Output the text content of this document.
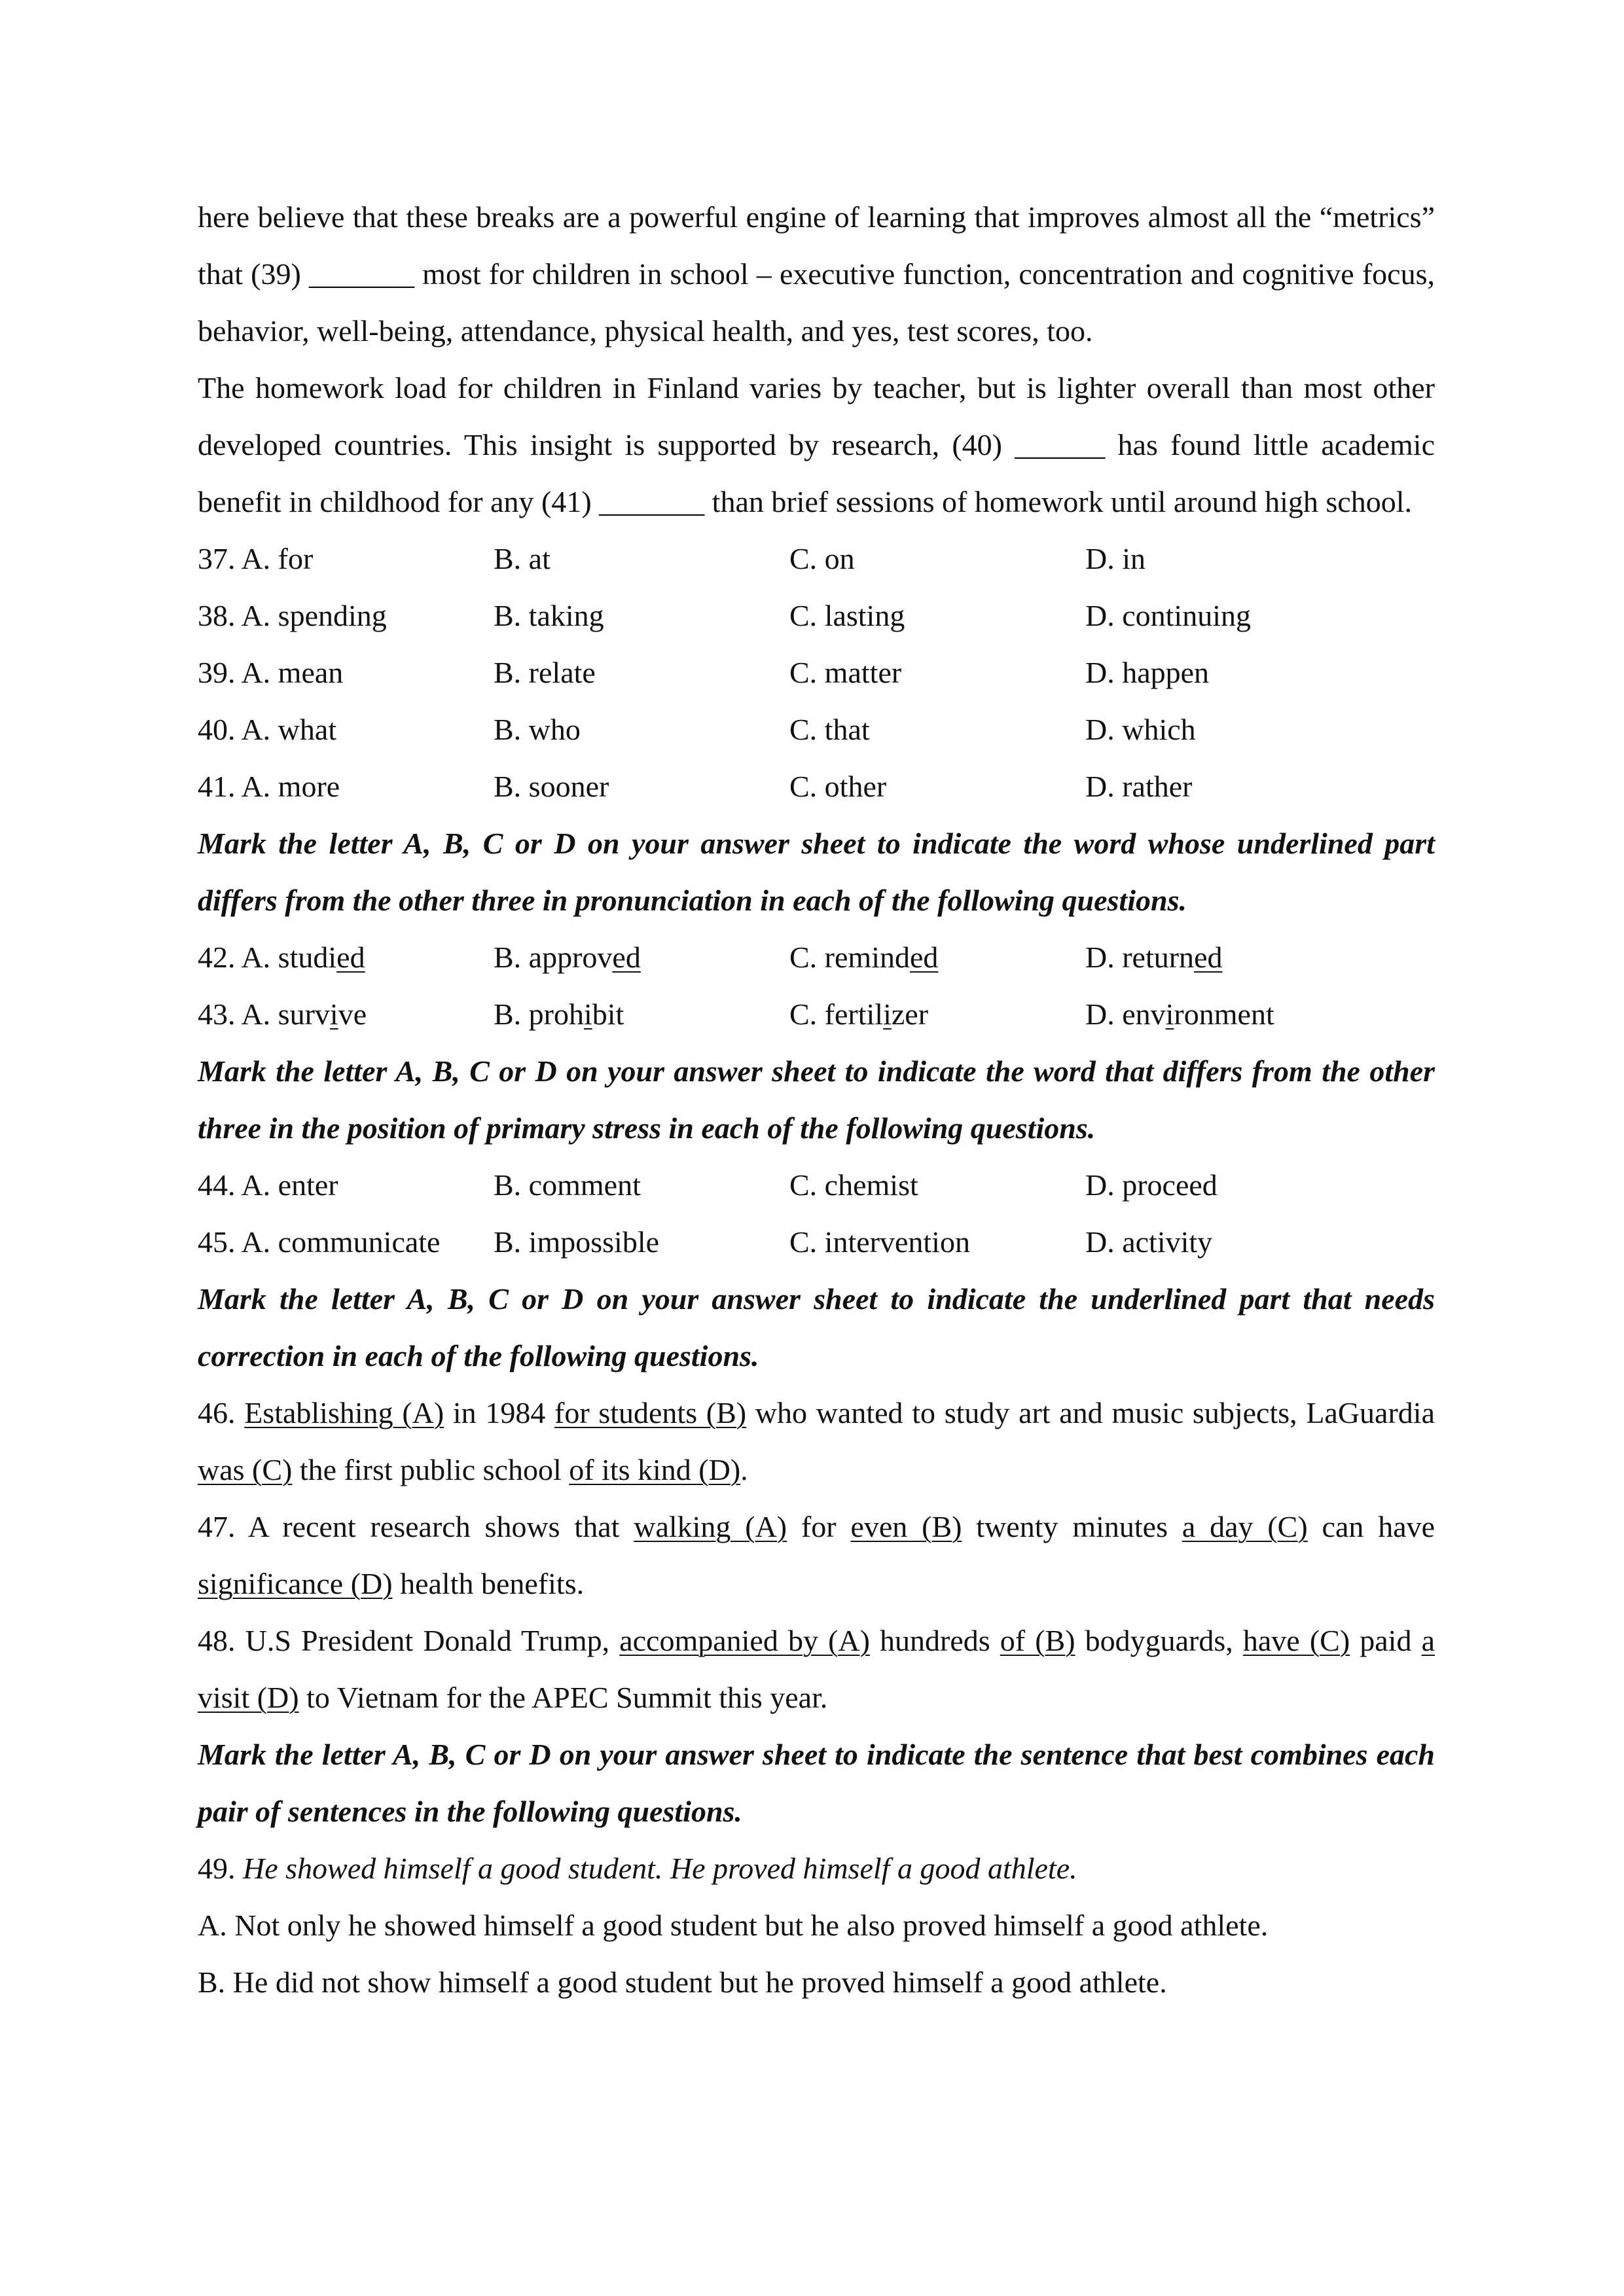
here believe that these breaks are a powerful engine of learning that improves almost all the “metrics” that (39) _______ most for children in school – executive function, concentration and cognitive focus, behavior, well-being, attendance, physical health, and yes, test scores, too.

The homework load for children in Finland varies by teacher, but is lighter overall than most other developed countries. This insight is supported by research, (40) ______ has found little academic benefit in childhood for any (41) _______ than brief sessions of homework until around high school.

37. A. for	B. at	C. on	D. in
38. A. spending	B. taking	C. lasting	D. continuing
39. A. mean	B. relate	C. matter	D. happen
40. A. what	B. who	C. that	D. which
41. A. more	B. sooner	C. other	D. rather

Mark the letter A, B, C or D on your answer sheet to indicate the word whose underlined part differs from the other three in pronunciation in each of the following questions.

42. A. studied	B. approved	C. reminded	D. returned
43. A. survive	B. prohibit	C. fertilizer	D. environment

Mark the letter A, B, C or D on your answer sheet to indicate the word that differs from the other three in the position of primary stress in each of the following questions.

44. A. enter	B. comment	C. chemist	D. proceed
45. A. communicate	B. impossible	C. intervention	D. activity

Mark the letter A, B, C or D on your answer sheet to indicate the underlined part that needs correction in each of the following questions.

46. Establishing (A) in 1984 for students (B) who wanted to study art and music subjects, LaGuardia was (C) the first public school of its kind (D).

47. A recent research shows that walking (A) for even (B) twenty minutes a day (C) can have significance (D) health benefits.

48. U.S President Donald Trump, accompanied by (A) hundreds of (B) bodyguards, have (C) paid a visit (D) to Vietnam for the APEC Summit this year.

Mark the letter A, B, C or D on your answer sheet to indicate the sentence that best combines each pair of sentences in the following questions.

49. He showed himself a good student. He proved himself a good athlete.

A. Not only he showed himself a good student but he also proved himself a good athlete.

B. He did not show himself a good student but he proved himself a good athlete.
